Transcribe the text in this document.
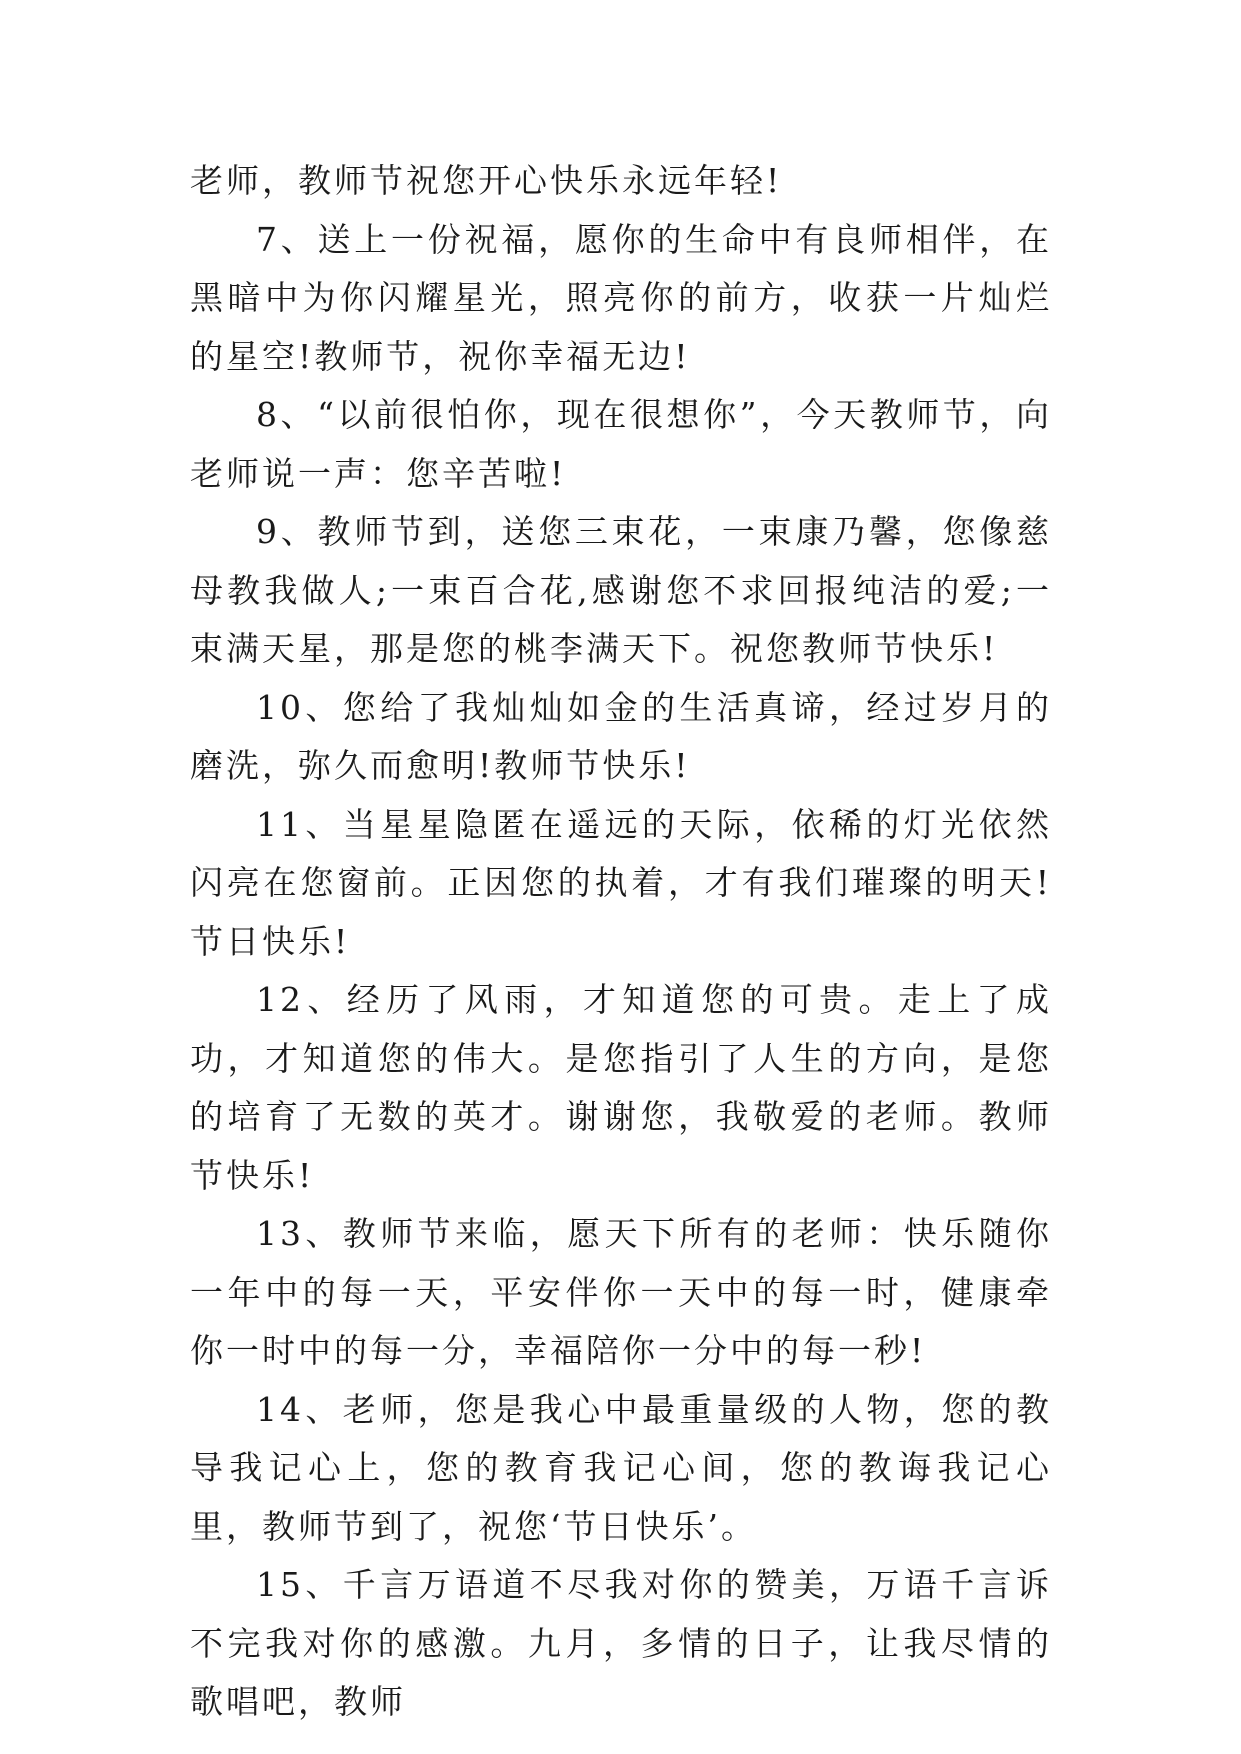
老师，教师节祝您开心快乐永远年轻!

7、送上一份祝福，愿你的生命中有良师相伴，在黑暗中为你闪耀星光，照亮你的前方，收获一片灿烂的星空!教师节，祝你幸福无边!

8、“以前很怕你，现在很想你”，今天教师节，向老师说一声：您辛苦啦!

9、教师节到，送您三束花，一束康乃馨，您像慈母教我做人;一束百合花,感谢您不求回报纯洁的爱;一束满天星，那是您的桃李满天下。祝您教师节快乐!

10、您给了我灿灿如金的生活真谛，经过岁月的磨洗，弥久而愈明!教师节快乐!

11、当星星隐匿在遥远的天际，依稀的灯光依然闪亮在您窗前。正因您的执着，才有我们璀璨的明天!节日快乐!

12、经历了风雨，才知道您的可贵。走上了成功，才知道您的伟大。是您指引了人生的方向，是您的培育了无数的英才。谢谢您，我敬爱的老师。教师节快乐!

13、教师节来临，愿天下所有的老师：快乐随你一年中的每一天，平安伴你一天中的每一时，健康牵你一时中的每一分，幸福陪你一分中的每一秒!

14、老师，您是我心中最重量级的人物，您的教导我记心上，您的教育我记心间，您的教诲我记心里，教师节到了，祝您‘节日快乐’。

15、千言万语道不尽我对你的赞美，万语千言诉不完我对你的感激。九月，多情的日子，让我尽情的歌唱吧，教师
